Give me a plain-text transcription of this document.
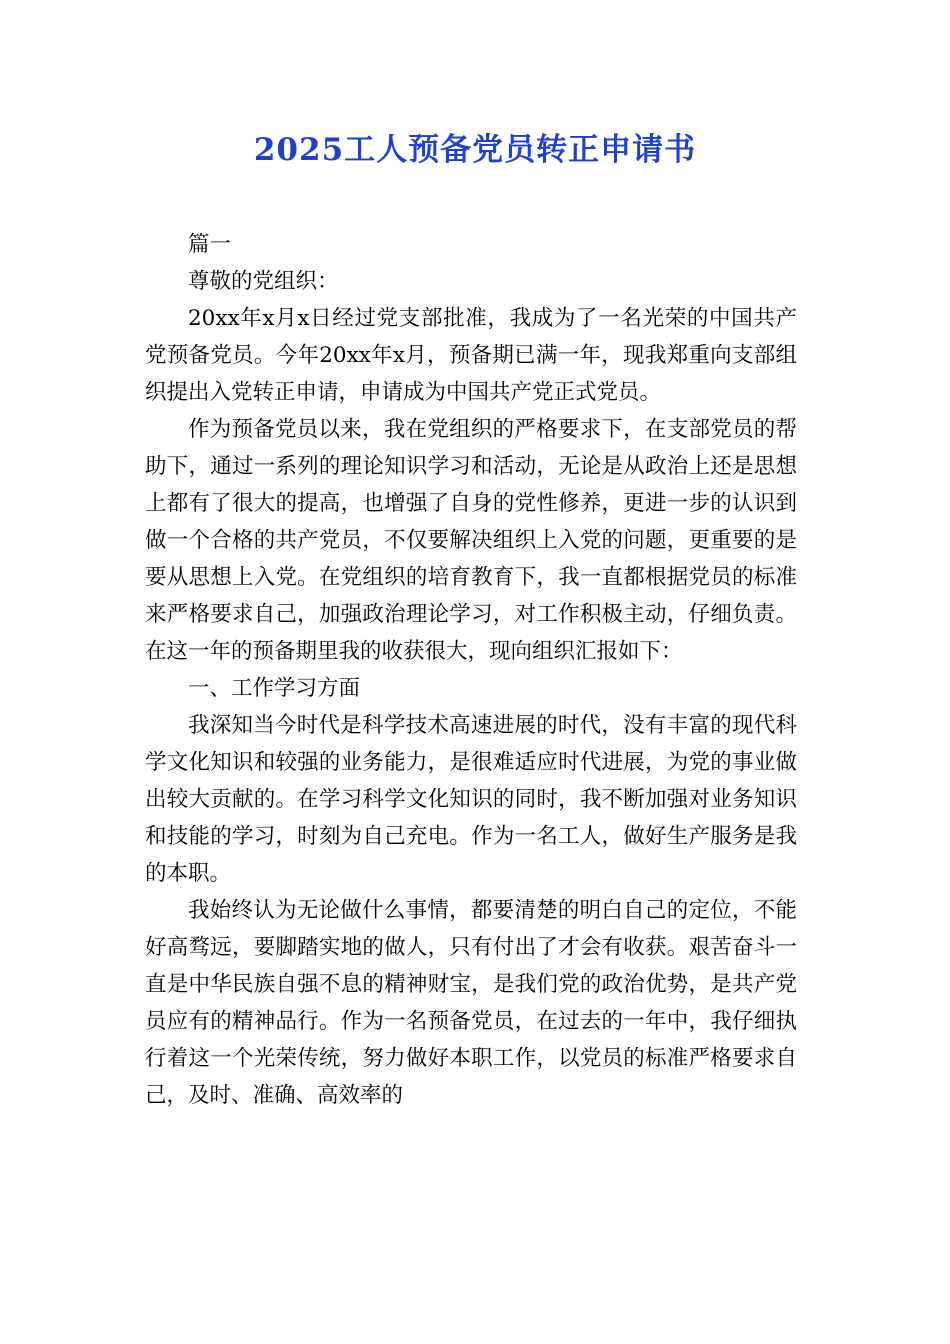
2025工人预备党员转正申请书

篇一

尊敬的党组织：

20xx年x月x日经过党支部批准，我成为了一名光荣的中国共产党预备党员。今年20xx年x月，预备期已满一年，现我郑重向支部组织提出入党转正申请，申请成为中国共产党正式党员。

作为预备党员以来，我在党组织的严格要求下，在支部党员的帮助下，通过一系列的理论知识学习和活动，无论是从政治上还是思想上都有了很大的提高，也增强了自身的党性修养，更进一步的认识到做一个合格的共产党员，不仅要解决组织上入党的问题，更重要的是要从思想上入党。在党组织的培育教育下，我一直都根据党员的标准来严格要求自己，加强政治理论学习，对工作积极主动，仔细负责。在这一年的预备期里我的收获很大，现向组织汇报如下：

一、工作学习方面

我深知当今时代是科学技术高速进展的时代，没有丰富的现代科学文化知识和较强的业务能力，是很难适应时代进展，为党的事业做出较大贡献的。在学习科学文化知识的同时，我不断加强对业务知识和技能的学习，时刻为自己充电。作为一名工人，做好生产服务是我的本职。

我始终认为无论做什么事情，都要清楚的明白自己的定位，不能好高骛远，要脚踏实地的做人，只有付出了才会有收获。艰苦奋斗一直是中华民族自强不息的精神财宝，是我们党的政治优势，是共产党员应有的精神品行。作为一名预备党员，在过去的一年中，我仔细执行着这一个光荣传统，努力做好本职工作，以党员的标准严格要求自己，及时、准确、高效率的
